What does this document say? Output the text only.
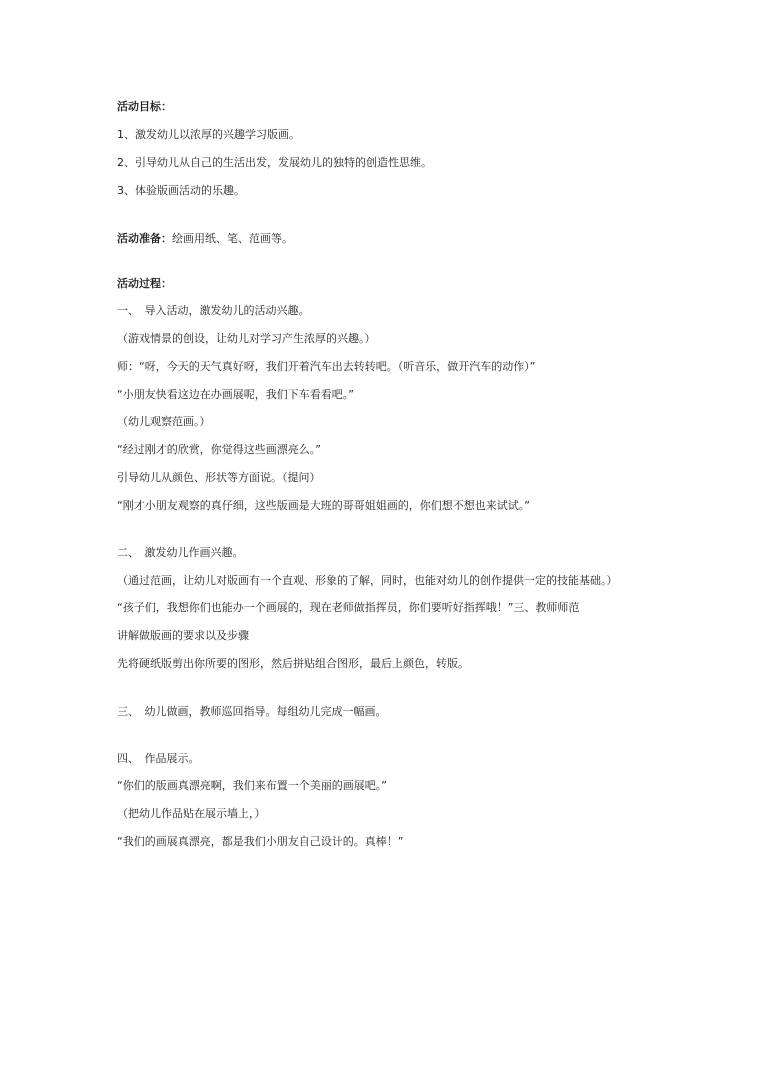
活动目标：
1、激发幼儿以浓厚的兴趣学习版画。
2、引导幼儿从自己的生活出发，发展幼儿的独特的创造性思维。
3、体验版画活动的乐趣。
活动准备：绘画用纸、笔、范画等。
活动过程：
一、　导入活动，激发幼儿的活动兴趣。
（游戏情景的创设，让幼儿对学习产生浓厚的兴趣。）
师：“呀，今天的天气真好呀，我们开着汽车出去转转吧。（听音乐，做开汽车的动作）”
“小朋友快看这边在办画展呢，我们下车看看吧。”
（幼儿观察范画。）
“经过刚才的欣赏，你觉得这些画漂亮么。”
引导幼儿从颜色、形状等方面说。（提问）
“刚才小朋友观察的真仔细，这些版画是大班的哥哥姐姐画的，你们想不想也来试试。”
二、　激发幼儿作画兴趣。
（通过范画，让幼儿对版画有一个直观、形象的了解，同时，也能对幼儿的创作提供一定的技能基础。）
“孩子们，我想你们也能办一个画展的，现在老师做指挥员，你们要听好指挥哦！”三、教师师范
讲解做版画的要求以及步骤
先将硬纸版剪出你所要的图形，然后拼贴组合图形，最后上颜色，转版。
三、　幼儿做画，教师巡回指导。每组幼儿完成一幅画。
四、　作品展示。
“你们的版画真漂亮啊，我们来布置一个美丽的画展吧。”
（把幼儿作品贴在展示墙上，）
“我们的画展真漂亮，都是我们小朋友自己设计的。真棒！”
